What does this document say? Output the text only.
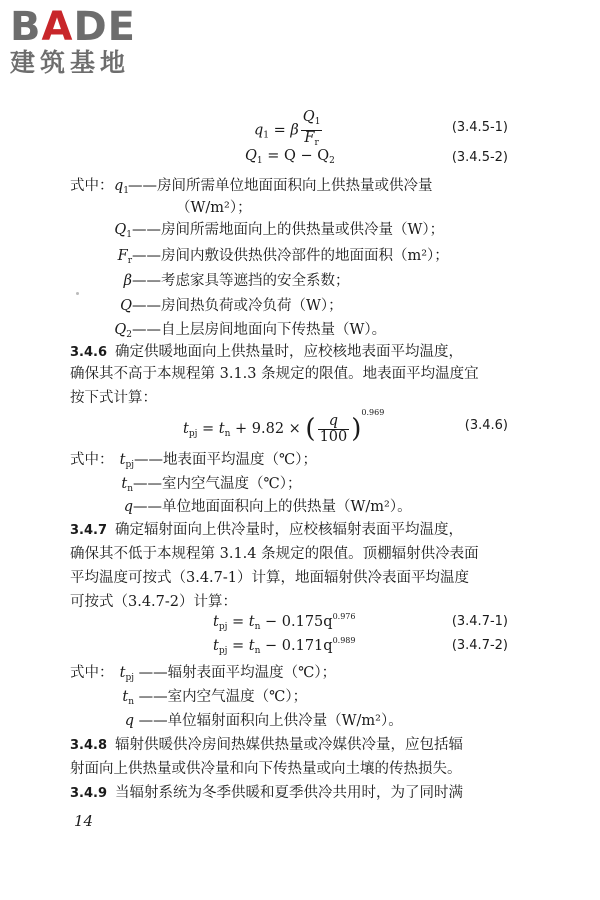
BADE
建筑基地
$q_1 = \beta \frac{Q_1}{F_r}$	(3.4.5-1)
$Q_1 = Q - Q_2$	(3.4.5-2)
式中： $q_1——$房间所需单位地面面积向上供热量或供冷量
（W/m²）；
$Q_1——$房间所需地面向上的供热量或供冷量（W）；
$F_r——$房间内敷设供热供冷部件的地面面积（m²）；
β——考虑家具等遮挡的安全系数；
Q——房间热负荷或冷负荷（W）；
$Q_2——$自上层房间地面向下传热量（W）。
3.4.6 确定供暖地面向上供热量时，应校核地表面平均温度，
确保其不高于本规程第 3.1.3 条规定的限值。地表面平均温度宜
按下式计算：
$t_{pj} = t_n + 9.82$ × ( $\frac{q}{100} )^{0.969}$
(3.4.6)
式中： $t_{pj}——$地表面平均温度（℃）；
$t_n——$室内空气温度（℃）；
q——单位地面面积向上的供热量（W/m²）。
3.4.7 确定辐射面向上供冷量时，应校核辐射表面平均温度，
确保其不低于本规程第 3.1.4 条规定的限值。顶棚辐射供冷表面
平均温度可按式（3.4.7-1）计算，地面辐射供冷表面平均温度
可按式（3.4.7-2）计算：
$t_{pj} = t_n - 0.175q^{0.976}$	(3.4.7-1)
$t_{pj} = t_n - 0.171q^{0.989}$	(3.4.7-2)
式中： $t_{pj}$ ——辐射表面平均温度（℃）；
$t_n$ ——室内空气温度（℃）；
q ——单位辐射面积向上供冷量（W/m²）。
3.4.8 辐射供暖供冷房间热媒供热量或冷媒供冷量，应包括辐
射面向上供热量或供冷量和向下传热量或向土壤的传热损失。
3.4.9 当辐射系统为冬季供暖和夏季供冷共用时，为了同时满
14
